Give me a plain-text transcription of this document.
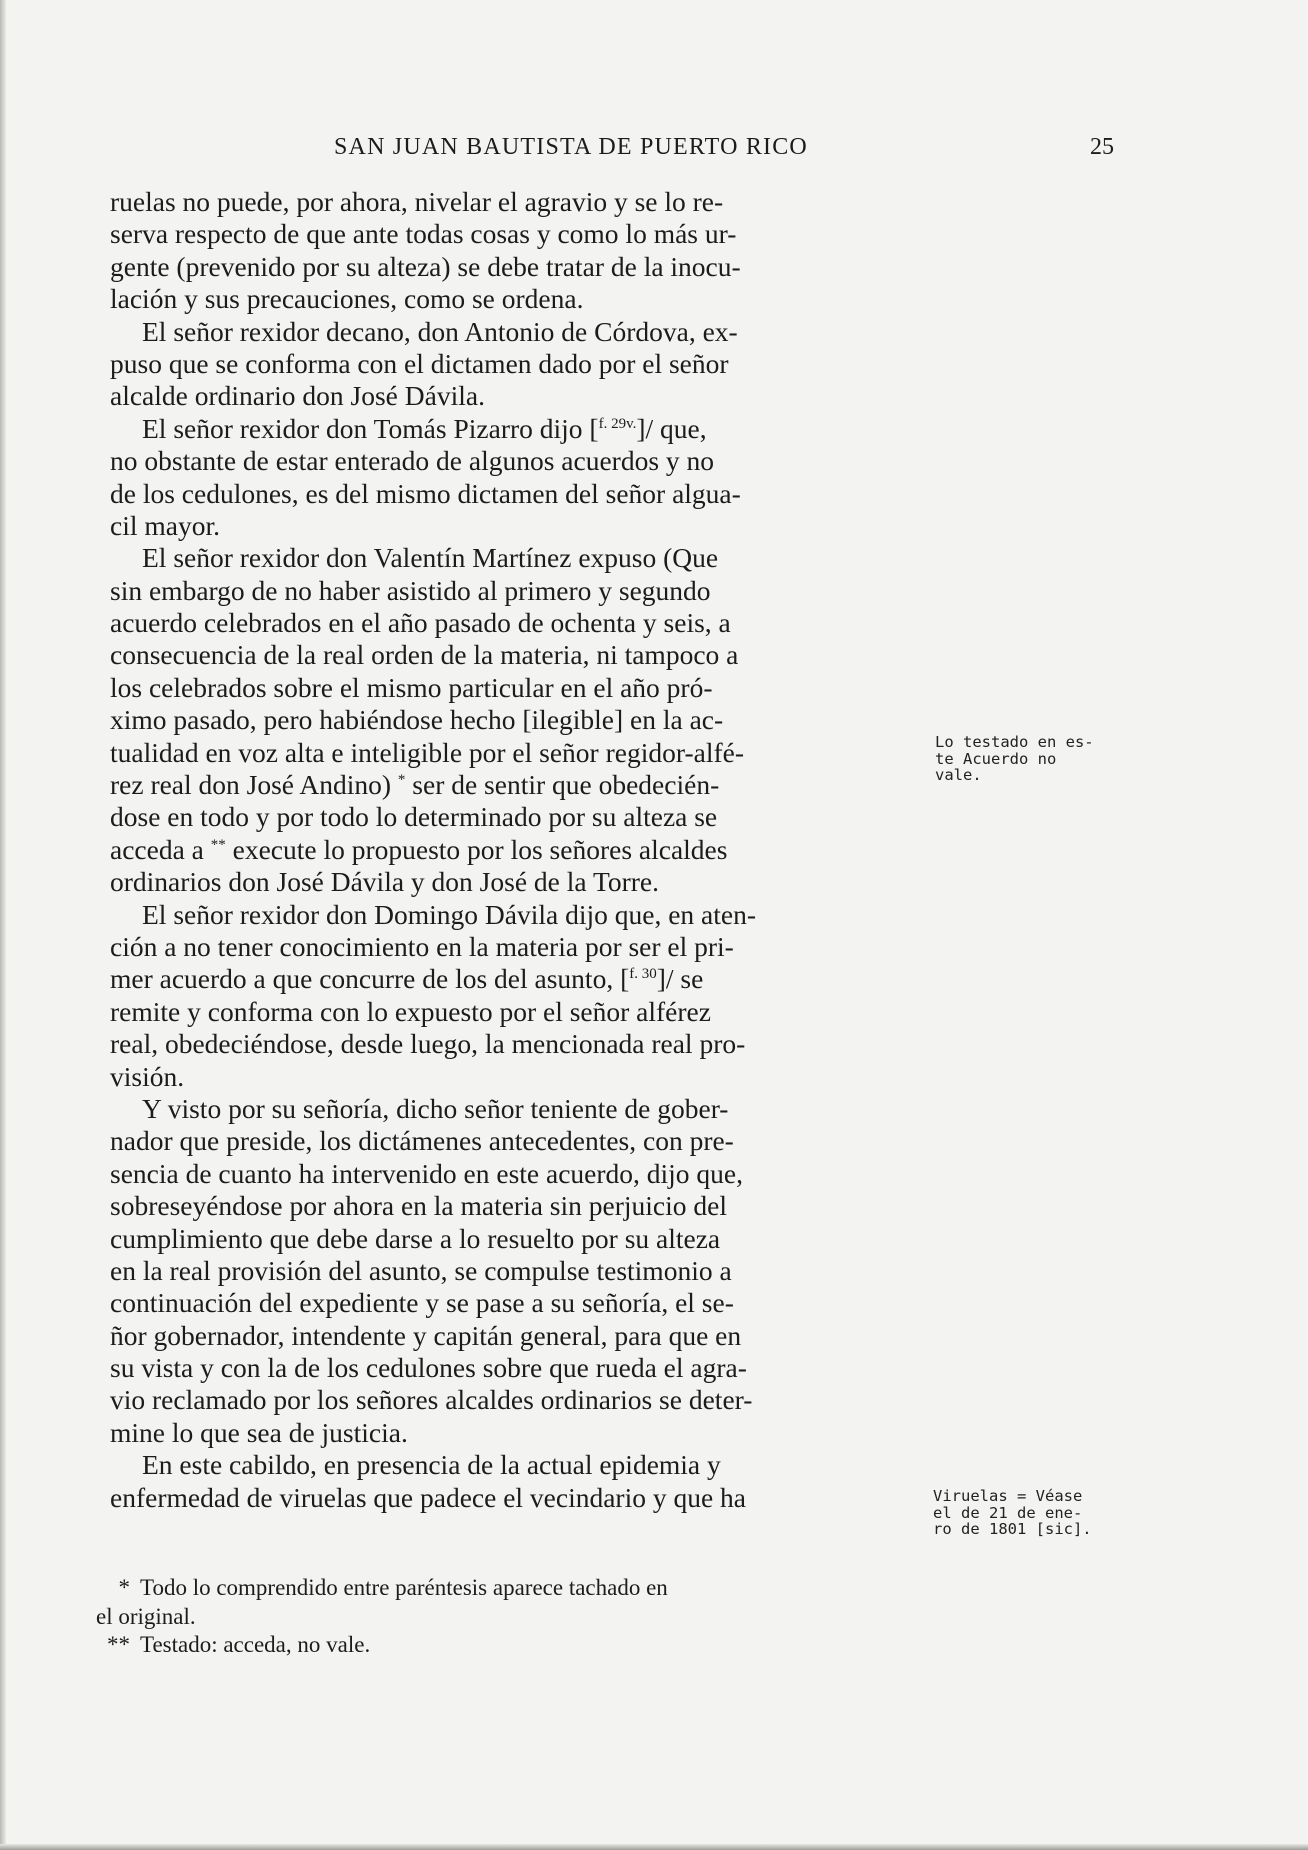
SAN JUAN BAUTISTA DE PUERTO RICO	25
ruelas no puede, por ahora, nivelar el agravio y se lo re-
serva respecto de que ante todas cosas y como lo más ur-
gente (prevenido por su alteza) se debe tratar de la inocu-
lación y sus precauciones, como se ordena.
El señor rexidor decano, don Antonio de Córdova, ex-
puso que se conforma con el dictamen dado por el señor
alcalde ordinario don José Dávila.
El señor rexidor don Tomás Pizarro dijo [$^{f. 29v.}$]/ que,
no obstante de estar enterado de algunos acuerdos y no
de los cedulones, es del mismo dictamen del señor algua-
cil mayor.
El señor rexidor don Valentín Martínez expuso (Que
sin embargo de no haber asistido al primero y segundo
acuerdo celebrados en el año pasado de ochenta y seis, a
consecuencia de la real orden de la materia, ni tampoco a
los celebrados sobre el mismo particular en el año pró-
ximo pasado, pero habiéndose hecho [ilegible] en la ac-
tualidad en voz alta e inteligible por el señor regidor-alfé-
rez real don José Andino) * ser de sentir que obedecién-
dose en todo y por todo lo determinado por su alteza se
acceda a ** execute lo propuesto por los señores alcaldes
ordinarios don José Dávila y don José de la Torre.
El señor rexidor don Domingo Dávila dijo que, en aten-
ción a no tener conocimiento en la materia por ser el pri-
mer acuerdo a que concurre de los del asunto, [$^{f. 30}$]/ se
remite y conforma con lo expuesto por el señor alférez
real, obedeciéndose, desde luego, la mencionada real pro-
visión.
Y visto por su señoría, dicho señor teniente de gober-
nador que preside, los dictámenes antecedentes, con pre-
sencia de cuanto ha intervenido en este acuerdo, dijo que,
sobreseyéndose por ahora en la materia sin perjuicio del
cumplimiento que debe darse a lo resuelto por su alteza
en la real provisión del asunto, se compulse testimonio a
continuación del expediente y se pase a su señoría, el se-
ñor gobernador, intendente y capitán general, para que en
su vista y con la de los cedulones sobre que rueda el agra-
vio reclamado por los señores alcaldes ordinarios se deter-
mine lo que sea de justicia.
En este cabildo, en presencia de la actual epidemia y
enfermedad de viruelas que padece el vecindario y que ha
Lo testado en es-
te Acuerdo no
vale.
Viruelas = Véase
el de 21 de ene-
ro de 1801 [sic].
* Todo lo comprendido entre paréntesis aparece tachado en
el original.
** Testado: acceda, no vale.
